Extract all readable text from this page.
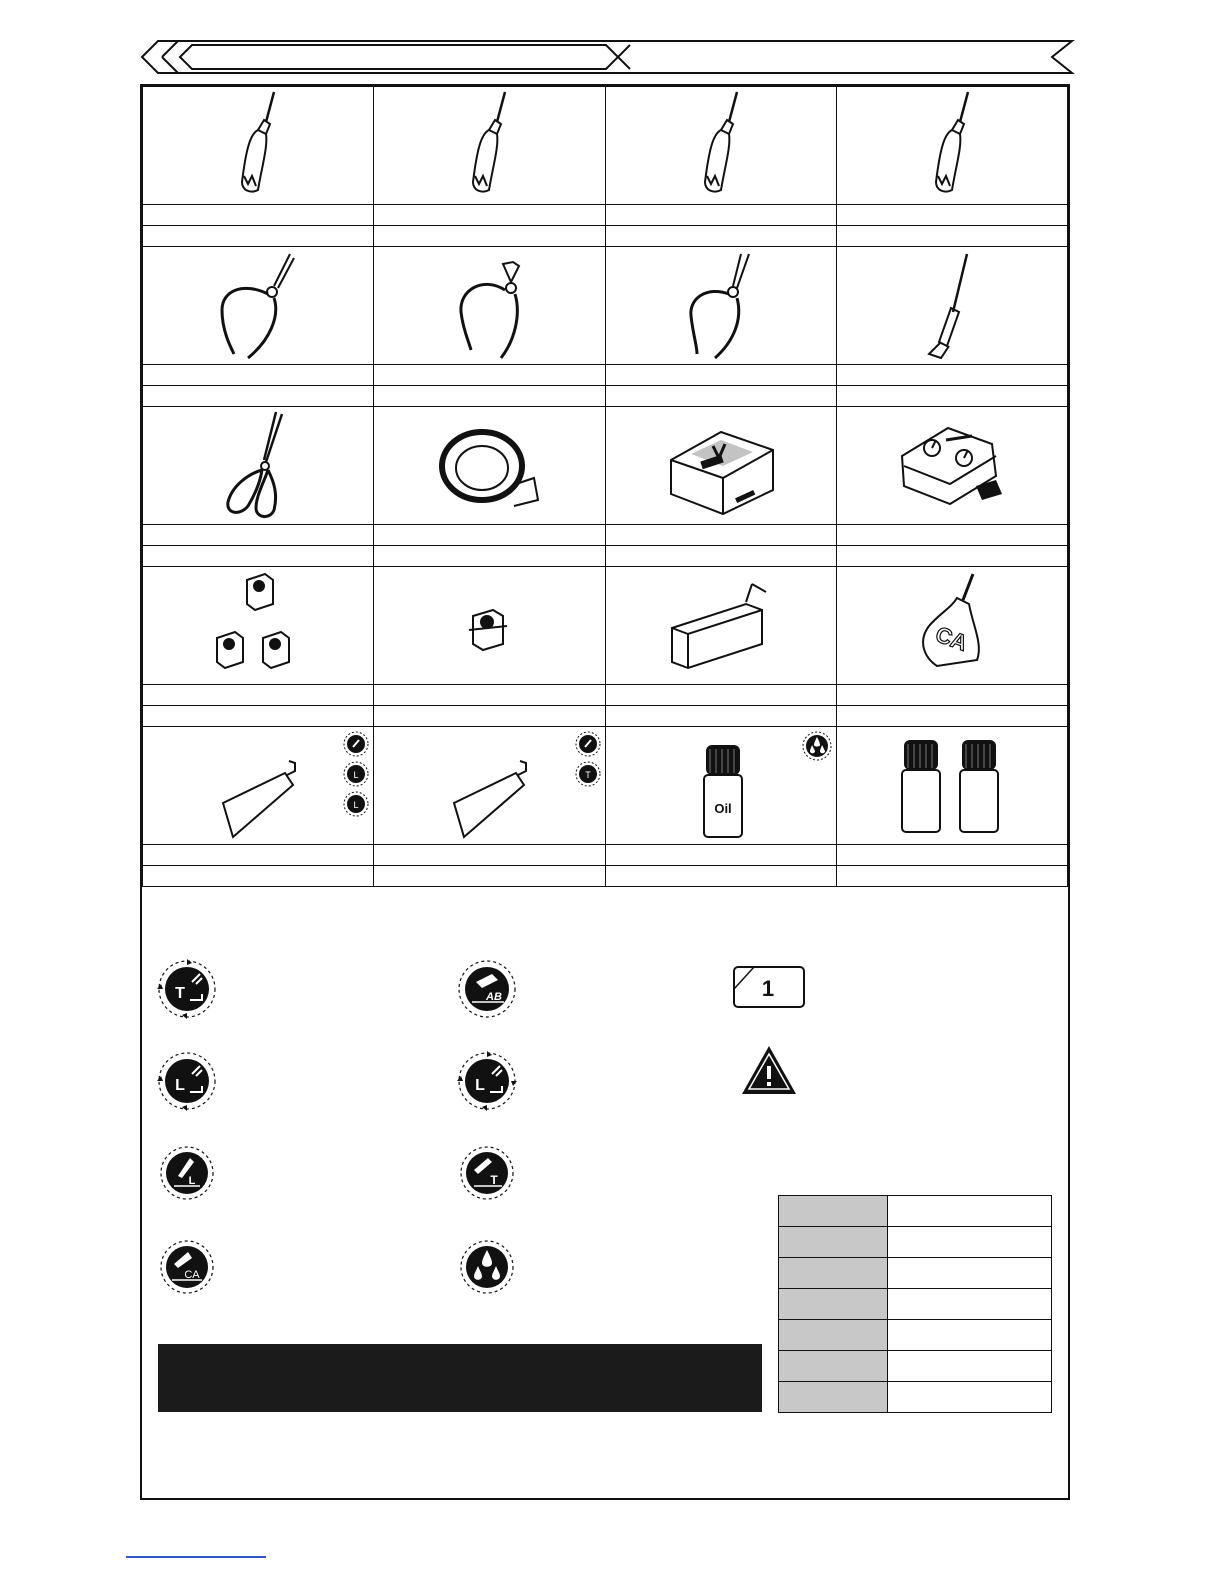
CA

L
L	T	Oil

T	AB
L	L
L	T
CA
1
